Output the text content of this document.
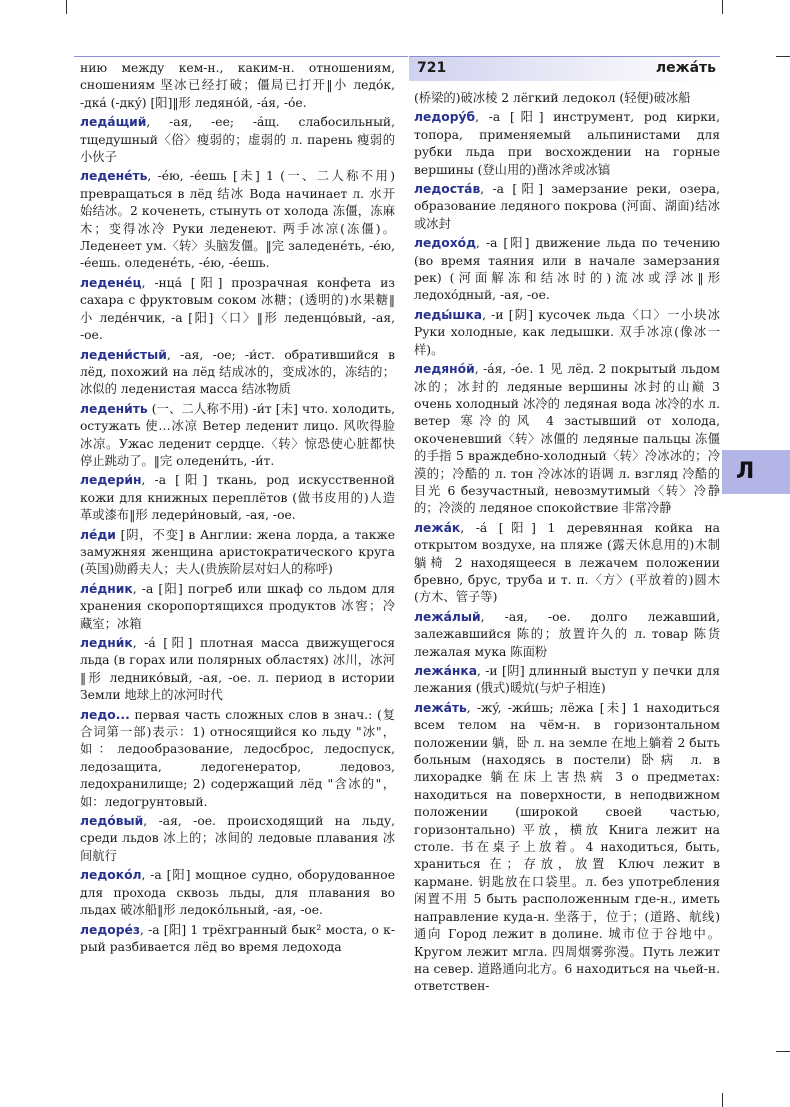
721	лежáть
Л

нию между кем-н., каким-н. отношениям, сношениям 坚冰已经打破；僵局已打开‖小 ледóк, -дкá (-дкý) [阳]‖形 ледянóй, -áя, -óе.

ледáщий, -ая, -ее; -áщ. слабосильный, тщедушный〈俗〉瘦弱的；虚弱的 л. парень 瘦弱的小伙子

леденéть, -éю, -éешь [未] 1 (一、二人称不用) превращаться в лёд 结冰 Вода начинает л. 水开始结冰。2 коченеть, стынуть от холода 冻僵，冻麻木；变得冰冷 Руки леденеют. 两手冰凉(冻僵)。Леденеет ум.〈转〉头脑发僵。‖完 заледенéть, -éю, -éешь. оледенéть, -éю, -éешь.

леденéц, -нцá [阳] прозрачная конфета из сахара с фруктовым соком 冰糖；(透明的)水果糖‖小 ледéнчик, -а [阳]〈口〉‖形 леденцóвый, -ая, -ое.

ледени́стый, -ая, -ое; -и́ст. обратившийся в лёд, похожий на лёд 结成冰的，变成冰的，冻结的；冰似的 леденистая масса 结冰物质

ледени́ть (一、二人称不用) -и́т [未] что. холодить, остужать 使…冰凉 Ветер леденит лицо. 风吹得脸冰凉。Ужас леденит сердце.〈转〉惊恐使心脏都快停止跳动了。‖完 оледени́ть, -и́т.

ледери́н, -а [阳] ткань, род искусственной кожи для книжных переплётов (做书皮用的)人造革或漆布‖形 ледери́новый, -ая, -ое.

лéди [阴，不变] в Англии: жена лорда, а также замужняя женщина аристократического круга (英国)勋爵夫人；夫人(贵族阶层对妇人的称呼)

лéдник, -а [阳] погреб или шкаф со льдом для хранения скоропортящихся продуктов 冰窖；冷藏室；冰箱

ледни́к, -á [阳] плотная масса движущегося льда (в горах или полярных областях) 冰川，冰河‖形 ледникóвый, -ая, -ое. л. период в истории Земли 地球上的冰河时代

ледо... первая часть сложных слов в знач.: (复合词第一部)表示：1) относящийся ко льду "冰"，如：ледообразование, ледосброс, ледоспуск, ледозащита, ледогенератор, ледовоз, ледохранилище; 2) содержащий лёд "含冰的"，如：ледогрунтовый.

ледóвый, -ая, -ое. происходящий на льду, среди льдов 冰上的；冰间的 ледовые плавания 冰间航行

ледокóл, -а [阳] мощное судно, оборудованное для прохода сквозь льды, для плавания во льдах 破冰船‖形 ледокóльный, -ая, -ое.

ледорéз, -а [阳] 1 трёхгранный бык² моста, о к-рый разбивается лёд во время ледохода

(桥梁的)破冰棱 2 лёгкий ледокол (轻便)破冰船

ледорýб, -а [阳] инструмент, род кирки, топора, применяемый альпинистами для рубки льда при восхождении на горные вершины (登山用的)凿冰斧或冰镐

ледостáв, -а [阳] замерзание реки, озера, образование ледяного покрова (河面、湖面)结冰或冰封

ледохóд, -а [阳] движение льда по течению (во время таяния или в начале замерзания рек) (河面解冻和结冰时的)流冰或浮冰‖形 ледохóдный, -ая, -ое.

леды́шка, -и [阴] кусочек льда〈口〉一小块冰 Руки холодные, как ледышки. 双手冰凉(像冰一样)。

ледянóй, -áя, -óе. 1 见 лёд. 2 покрытый льдом 冰的；冰封的 ледяные вершины 冰封的山巅 3 очень холодный 冰冷的 ледяная вода 冰冷的水 л. ветер 寒冷的风 4 застывший от холода, окоченевший〈转〉冰僵的 ледяные пальцы 冻僵的手指 5 враждебно-холодный〈转〉冷冰冰的；冷漠的；冷酷的 л. тон 冷冰冰的语调 л. взгляд 冷酷的目光 6 безучастный, невозмутимый〈转〉冷静的；冷淡的 ледяное спокойствие 非常冷静

лежáк, -á [阳] 1 деревянная койка на открытом воздухе, на пляже (露天休息用的)木制躺椅 2 находящееся в лежачем положении бревно, брус, труба и т. п.〈方〉(平放着的)圆木(方木、管子等)

лежáлый, -ая, -ое. долго лежавший, залежавшийся 陈的；放置许久的 л. товар 陈货 лежалая мука 陈面粉

лежáнка, -и [阴] длинный выступ у печки для лежания (俄式)暖炕(与炉子相连)

лежáть, -жý, -жи́шь; лёжа [未] 1 находиться всем телом на чём-н. в горизонтальном положении 躺，卧 л. на земле 在地上躺着 2 быть больным (находясь в постели) 卧病 л. в лихорадке 躺在床上害热病 3 о предметах: находиться на поверхности, в неподвижном положении (широкой своей частью, горизонтально) 平放，横放 Книга лежит на столе. 书在桌子上放着。4 находиться, быть, храниться 在；存放，放置 Ключ лежит в кармане. 钥匙放在口袋里。л. без употребления 闲置不用 5 быть расположенным где-н., иметь направление куда-н. 坐落于，位于；(道路、航线)通向 Город лежит в долине. 城市位于谷地中。Кругом лежит мгла. 四周烟雾弥漫。Путь лежит на север. 道路通向北方。6 находиться на чьей-н. ответствен-
